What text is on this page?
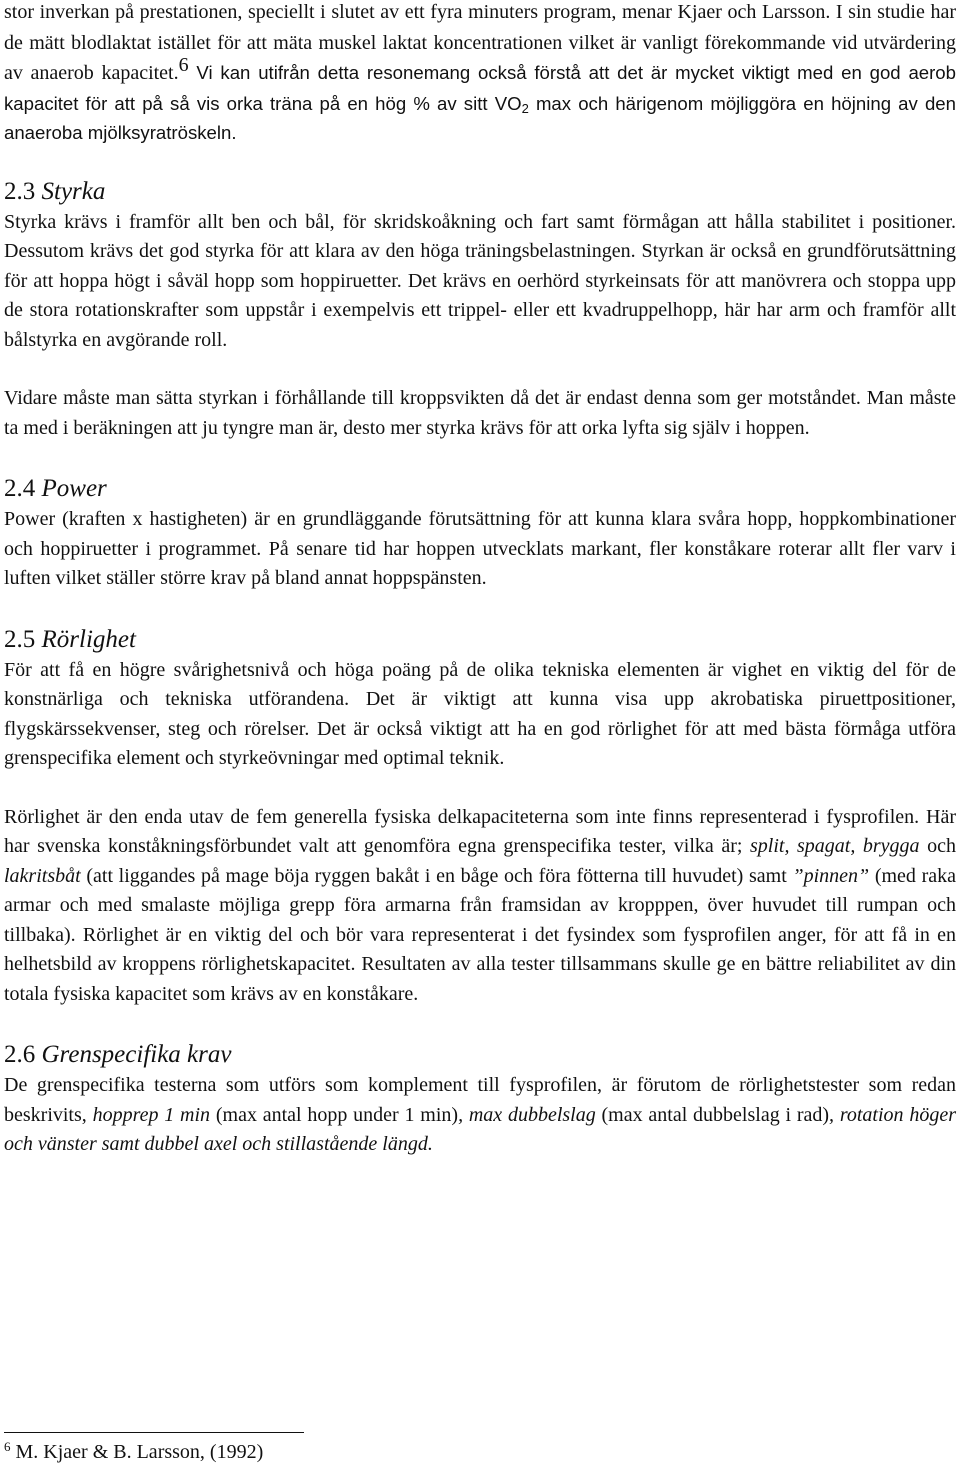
stor inverkan på prestationen, speciellt i slutet av ett fyra minuters program, menar Kjaer och Larsson. I sin studie har de mätt blodlaktat istället för att mäta muskel laktat koncentrationen vilket är vanligt förekommande vid utvärdering av anaerob kapacitet.$^6$ Vi kan utifrån detta resonemang också förstå att det är mycket viktigt med en god aerob kapacitet för att på så vis orka träna på en hög % av sitt $VO_2$ max och härigenom möjliggöra en höjning av den anaeroba mjölksyratröskeln.

2.3 Styrka

Styrka krävs i framför allt ben och bål, för skridskoåkning och fart samt förmågan att hålla stabilitet i positioner. Dessutom krävs det god styrka för att klara av den höga träningsbelastningen. Styrkan är också en grundförutsättning för att hoppa högt i såväl hopp som hoppiruetter. Det krävs en oerhörd styrkeinsats för att manövrera och stoppa upp de stora rotationskrafter som uppstår i exempelvis ett trippel- eller ett kvadruppelhopp, här har arm och framför allt bålstyrka en avgörande roll.

Vidare måste man sätta styrkan i förhållande till kroppsvikten då det är endast denna som ger motståndet. Man måste ta med i beräkningen att ju tyngre man är, desto mer styrka krävs för att orka lyfta sig själv i hoppen.

2.4 Power

Power (kraften x hastigheten) är en grundläggande förutsättning för att kunna klara svåra hopp, hoppkombinationer och hoppiruetter i programmet. På senare tid har hoppen utvecklats markant, fler konståkare roterar allt fler varv i luften vilket ställer större krav på bland annat hoppspänsten.

2.5 Rörlighet

För att få en högre svårighetsnivå och höga poäng på de olika tekniska elementen är vighet en viktig del för de konstnärliga och tekniska utförandena. Det är viktigt att kunna visa upp akrobatiska piruettpositioner, flygskärssekvenser, steg och rörelser. Det är också viktigt att ha en god rörlighet för att med bästa förmåga utföra grenspecifika element och styrkeövningar med optimal teknik.

Rörlighet är den enda utav de fem generella fysiska delkapaciteterna som inte finns representerad i fysprofilen. Här har svenska konståkningsförbundet valt att genomföra egna grenspecifika tester, vilka är; split, spagat, brygga och lakritsbåt (att liggandes på mage böja ryggen bakåt i en båge och föra fötterna till huvudet) samt ”pinnen” (med raka armar och med smalaste möjliga grepp föra armarna från framsidan av kropppen, över huvudet till rumpan och tillbaka). Rörlighet är en viktig del och bör vara representerat i det fysindex som fysprofilen anger, för att få in en helhetsbild av kroppens rörlighetskapacitet. Resultaten av alla tester tillsammans skulle ge en bättre reliabilitet av din totala fysiska kapacitet som krävs av en konståkare.

2.6 Grenspecifika krav

De grenspecifika testerna som utförs som komplement till fysprofilen, är förutom de rörlighetstester som redan beskrivits, hopprep 1 min (max antal hopp under 1 min), max dubbelslag (max antal dubbelslag i rad), rotation höger och vänster samt dubbel axel och stillastående längd.

$^6$ M. Kjaer & B. Larsson, (1992)
